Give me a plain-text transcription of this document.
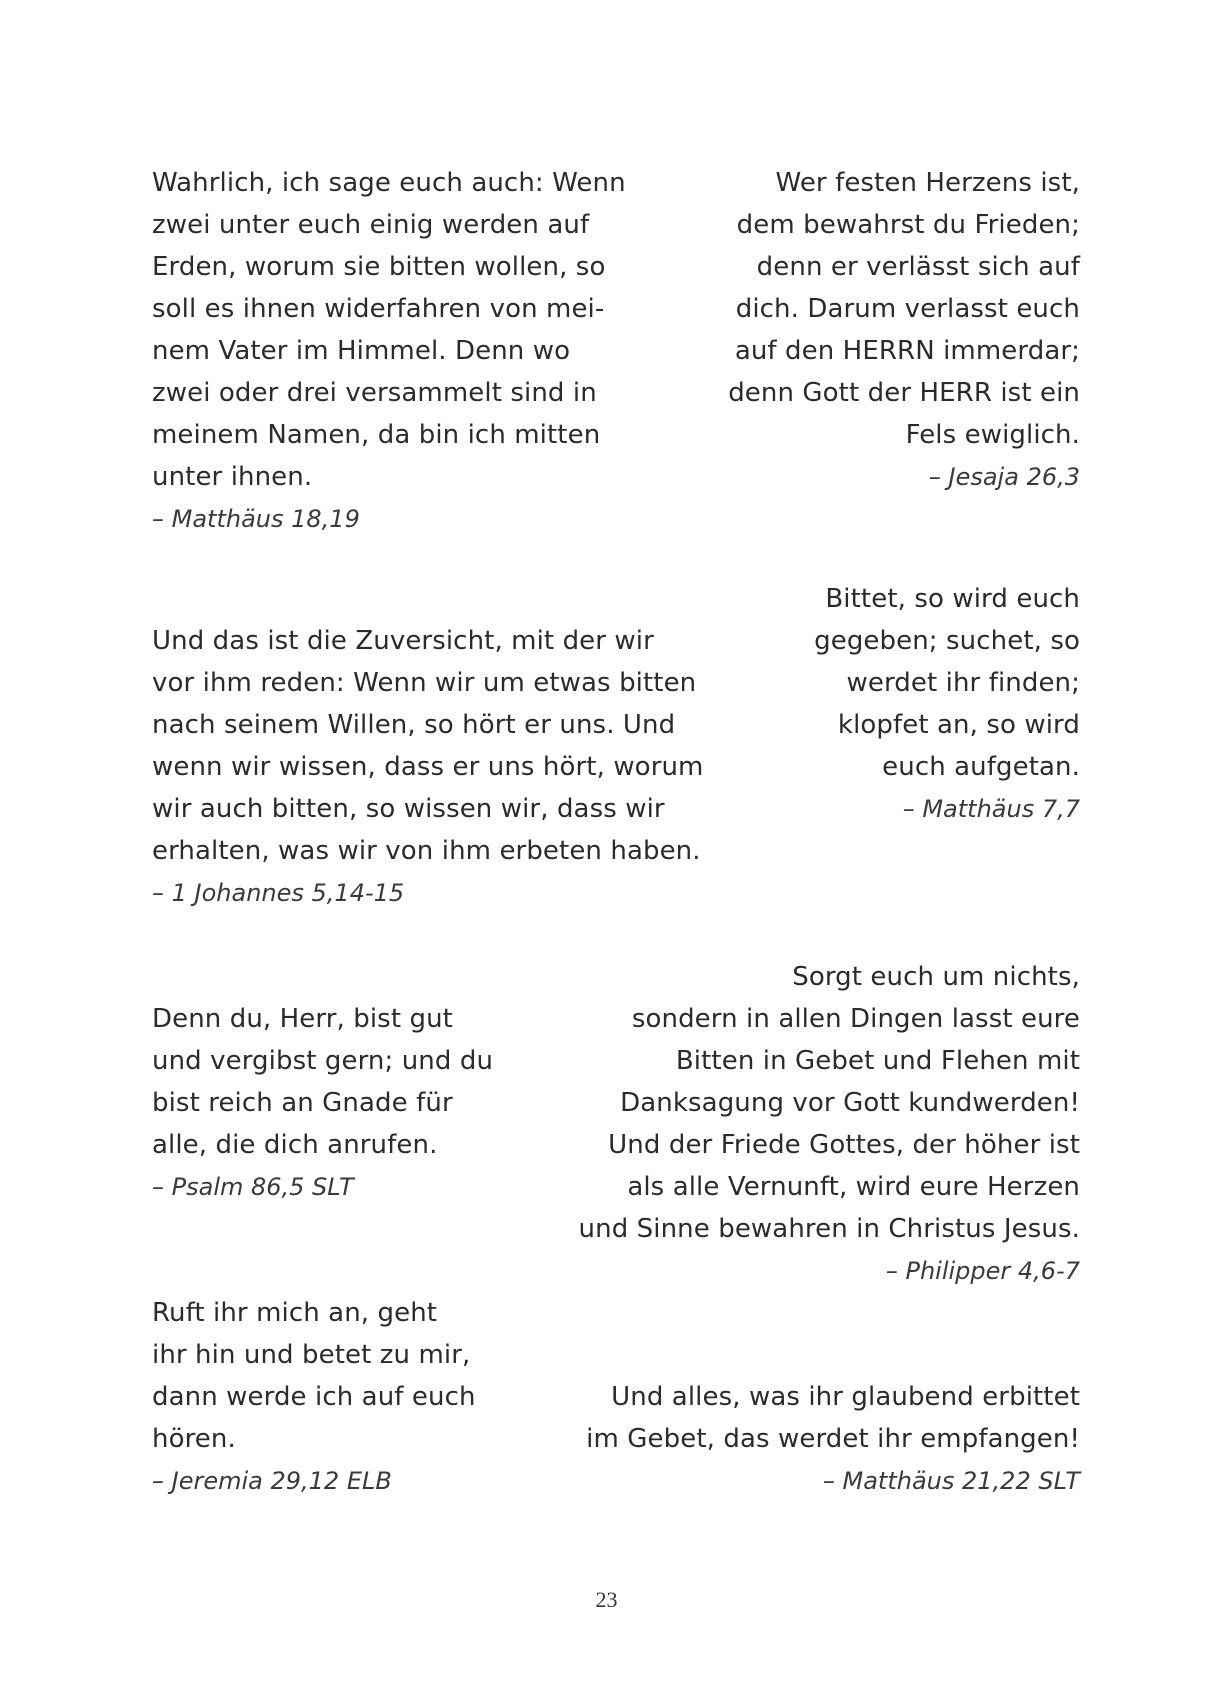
Wahrlich, ich sage euch auch: Wenn
zwei unter euch einig werden auf
Erden, worum sie bitten wollen, so
soll es ihnen widerfahren von mei-
nem Vater im Himmel. Denn wo
zwei oder drei versammelt sind in
meinem Namen, da bin ich mitten
unter ihnen.
– Matthäus 18,19
Wer festen Herzens ist,
dem bewahrst du Frieden;
denn er verlässt sich auf
dich. Darum verlasst euch
auf den HERRN immerdar;
denn Gott der HERR ist ein
Fels ewiglich.
– Jesaja 26,3
Und das ist die Zuversicht, mit der wir
vor ihm reden: Wenn wir um etwas bitten
nach seinem Willen, so hört er uns. Und
wenn wir wissen, dass er uns hört, worum
wir auch bitten, so wissen wir, dass wir
erhalten, was wir von ihm erbeten haben.
– 1 Johannes 5,14-15
Bittet, so wird euch
gegeben; suchet, so
werdet ihr finden;
klopfet an, so wird
euch aufgetan.
– Matthäus 7,7
Denn du, Herr, bist gut
und vergibst gern; und du
bist reich an Gnade für
alle, die dich anrufen.
– Psalm 86,5 SLT
Sorgt euch um nichts,
sondern in allen Dingen lasst eure
Bitten in Gebet und Flehen mit
Danksagung vor Gott kundwerden!
Und der Friede Gottes, der höher ist
als alle Vernunft, wird eure Herzen
und Sinne bewahren in Christus Jesus.
– Philipper 4,6-7
Ruft ihr mich an, geht
ihr hin und betet zu mir,
dann werde ich auf euch
hören.
– Jeremia 29,12 ELB
Und alles, was ihr glaubend erbittet
im Gebet, das werdet ihr empfangen!
– Matthäus 21,22 SLT
23
